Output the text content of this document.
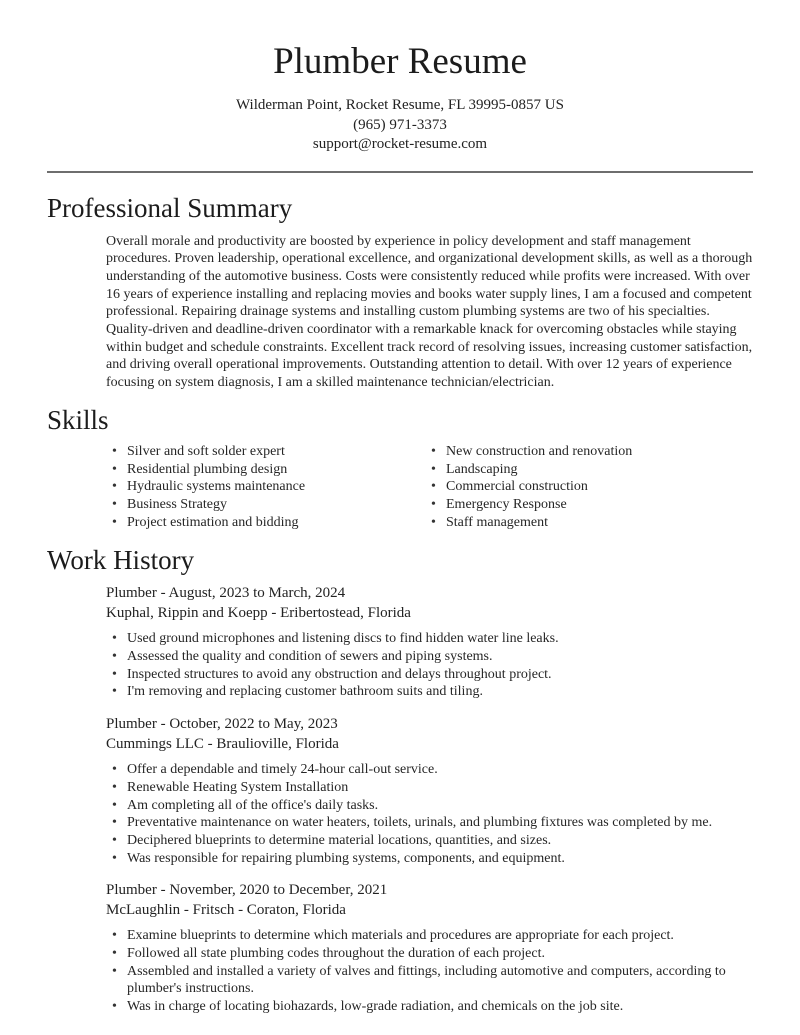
Plumber Resume
Wilderman Point, Rocket Resume, FL 39995-0857 US
(965) 971-3373
support@rocket-resume.com
Professional Summary

Overall morale and productivity are boosted by experience in policy development and staff management procedures. Proven leadership, operational excellence, and organizational development skills, as well as a thorough understanding of the automotive business. Costs were consistently reduced while profits were increased. With over 16 years of experience installing and replacing movies and books water supply lines, I am a focused and competent professional. Repairing drainage systems and installing custom plumbing systems are two of his specialties. Quality-driven and deadline-driven coordinator with a remarkable knack for overcoming obstacles while staying within budget and schedule constraints. Excellent track record of resolving issues, increasing customer satisfaction, and driving overall operational improvements. Outstanding attention to detail. With over 12 years of experience focusing on system diagnosis, I am a skilled maintenance technician/electrician.

Skills
• Silver and soft solder expert
• Residential plumbing design
• Hydraulic systems maintenance
• Business Strategy
• Project estimation and bidding
• New construction and renovation
• Landscaping
• Commercial construction
• Emergency Response
• Staff management
Work History
Plumber - August, 2023 to March, 2024
Kuphal, Rippin and Koepp - Eribertostead, Florida
• Used ground microphones and listening discs to find hidden water line leaks.
• Assessed the quality and condition of sewers and piping systems.
• Inspected structures to avoid any obstruction and delays throughout project.
• I'm removing and replacing customer bathroom suits and tiling.
Plumber - October, 2022 to May, 2023
Cummings LLC - Braulioville, Florida
• Offer a dependable and timely 24-hour call-out service.
• Renewable Heating System Installation
• Am completing all of the office's daily tasks.
• Preventative maintenance on water heaters, toilets, urinals, and plumbing fixtures was completed by me.
• Deciphered blueprints to determine material locations, quantities, and sizes.
• Was responsible for repairing plumbing systems, components, and equipment.
Plumber - November, 2020 to December, 2021
McLaughlin - Fritsch - Coraton, Florida
• Examine blueprints to determine which materials and procedures are appropriate for each project.
• Followed all state plumbing codes throughout the duration of each project.
• Assembled and installed a variety of valves and fittings, including automotive and computers, according to plumber's instructions.
• Was in charge of locating biohazards, low-grade radiation, and chemicals on the job site.
